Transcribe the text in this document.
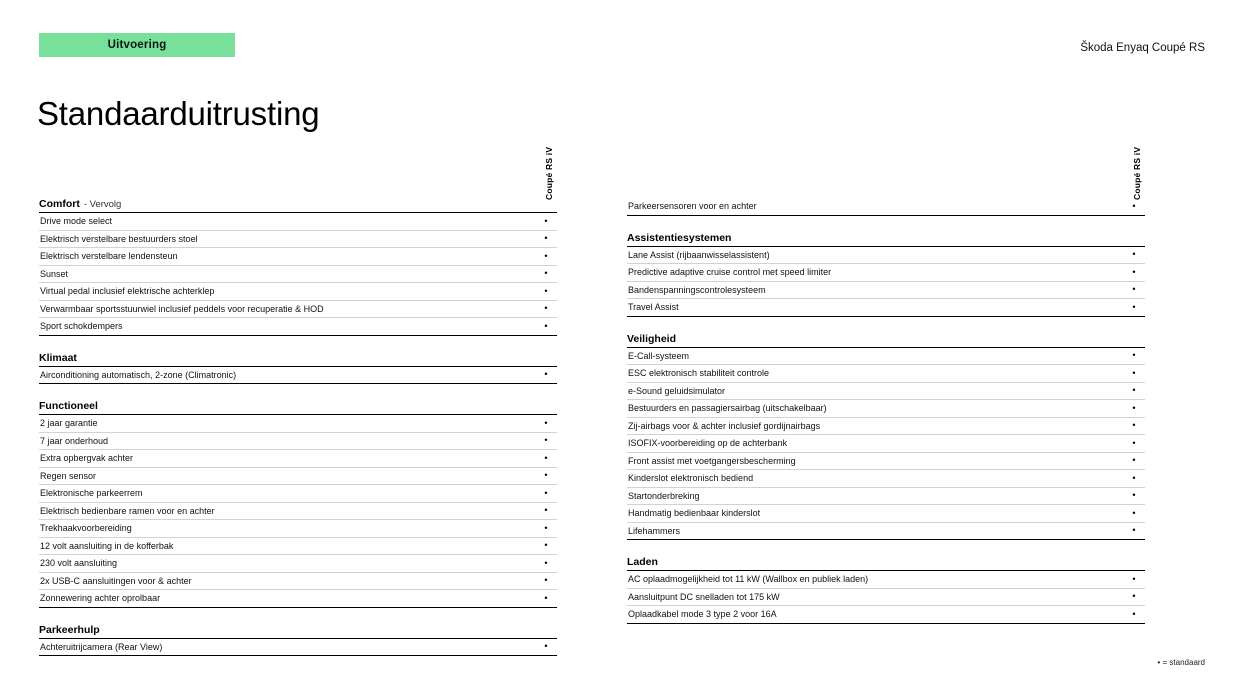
Uitvoering	Škoda Enyaq Coupé RS
Standaarduitrusting
Coupé RS iV
Comfort - Vervolg
Drive mode select	•
Elektrisch verstelbare bestuurders stoel	•
Elektrisch verstelbare lendensteun	•
Sunset	•
Virtual pedal inclusief elektrische achterklep	•
Verwarmbaar sportsstuurwiel inclusief peddels voor recuperatie & HOD	•
Sport schokdempers	•
Klimaat
Airconditioning automatisch, 2-zone (Climatronic)	•
Functioneel
2 jaar garantie	•
7 jaar onderhoud	•
Extra opbergvak achter	•
Regen sensor	•
Elektronische parkeerrem	•
Elektrisch bedienbare ramen voor en achter	•
Trekhaakvoorbereiding	•
12 volt aansluiting in de kofferbak	•
230 volt aansluiting	•
2x USB-C aansluitingen voor & achter	•
Zonnewering achter oprolbaar	•
Parkeerhulp
Achteruitrijcamera (Rear View)	•
Coupé RS iV
Parkeersensoren voor en achter	•
Assistentiesystemen
Lane Assist (rijbaanwisselassistent)	•
Predictive adaptive cruise control met speed limiter	•
Bandenspanningscontrolesysteem	•
Travel Assist	•
Veiligheid
E-Call-systeem	•
ESC elektronisch stabiliteit controle	•
e-Sound geluidsimulator	•
Bestuurders en passagiersairbag (uitschakelbaar)	•
Zij-airbags voor & achter inclusief gordijnairbags	•
ISOFIX-voorbereiding op de achterbank	•
Front assist met voetgangersbescherming	•
Kinderslot elektronisch bediend	•
Startonderbreking	•
Handmatig bedienbaar kinderslot	•
Lifehammers	•
Laden
AC oplaadmogelijkheid tot 11 kW (Wallbox en publiek laden)	•
Aansluitpunt DC snelladen tot 175 kW	•
Oplaadkabel mode 3 type 2 voor 16A	•
• = standaard
